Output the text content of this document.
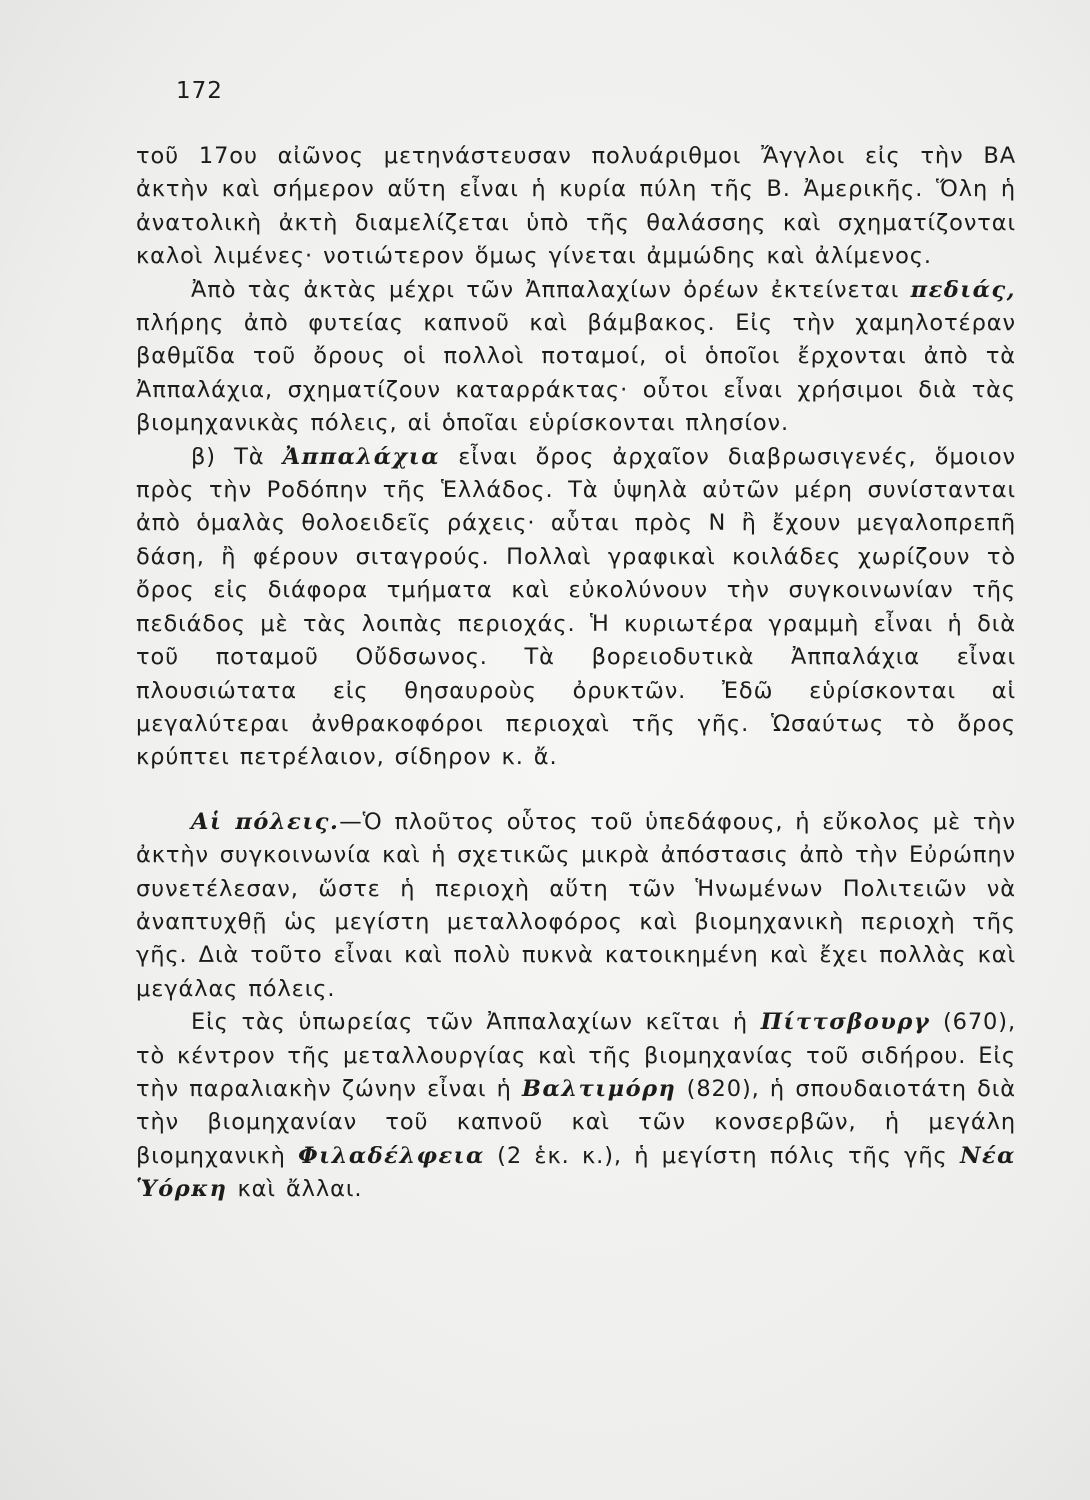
172

τοῦ 17ου αἰῶνος μετηνάστευσαν πολυάριθμοι Ἄγγλοι εἰς τὴν ΒΑ ἀκτὴν καὶ σήμερον αὕτη εἶναι ἡ κυρία πύλη τῆς Β. Ἀμερικῆς. Ὅλη ἡ ἀνατολικὴ ἀκτὴ διαμελίζεται ὑπὸ τῆς θαλάσσης καὶ σχηματίζονται καλοὶ λιμένες· νοτιώτερον ὅμως γίνεται ἀμμώδης καὶ ἀλίμενος.

Ἀπὸ τὰς ἀκτὰς μέχρι τῶν Ἀππαλαχίων ὀρέων ἐκτείνεται πεδιάς, πλήρης ἀπὸ φυτείας καπνοῦ καὶ βάμβακος. Εἰς τὴν χαμηλοτέραν βαθμῖδα τοῦ ὄρους οἱ πολλοὶ ποταμοί, οἱ ὁποῖοι ἔρχονται ἀπὸ τὰ Ἀππαλάχια, σχηματίζουν καταρράκτας· οὗτοι εἶναι χρήσιμοι διὰ τὰς βιομηχανικὰς πόλεις, αἱ ὁποῖαι εὑρίσκονται πλησίον.

β) Τὰ Ἀππαλάχια εἶναι ὄρος ἀρχαῖον διαβρωσιγενές, ὅμοιον πρὸς τὴν Ροδόπην τῆς Ἑλλάδος. Τὰ ὑψηλὰ αὐτῶν μέρη συνίστανται ἀπὸ ὁμαλὰς θολοειδεῖς ράχεις· αὗται πρὸς Ν ἢ ἔχουν μεγαλοπρεπῆ δάση, ἢ φέρουν σιταγρούς. Πολλαὶ γραφικαὶ κοιλάδες χωρίζουν τὸ ὄρος εἰς διάφορα τμήματα καὶ εὐκολύνουν τὴν συγκοινωνίαν τῆς πεδιάδος μὲ τὰς λοιπὰς περιοχάς. Ἡ κυριωτέρα γραμμὴ εἶναι ἡ διὰ τοῦ ποταμοῦ Οὔδσωνος. Τὰ βορειοδυτικὰ Ἀππαλάχια εἶναι πλουσιώτατα εἰς θησαυροὺς ὀρυκτῶν. Ἐδῶ εὑρίσκονται αἱ μεγαλύτεραι ἀνθρακοφόροι περιοχαὶ τῆς γῆς. Ὡσαύτως τὸ ὄρος κρύπτει πετρέλαιον, σίδηρον κ. ἄ.

Αἱ πόλεις.—Ὁ πλοῦτος οὗτος τοῦ ὑπεδάφους, ἡ εὔκολος μὲ τὴν ἀκτὴν συγκοινωνία καὶ ἡ σχετικῶς μικρὰ ἀπόστασις ἀπὸ τὴν Εὐρώπην συνετέλεσαν, ὥστε ἡ περιοχὴ αὕτη τῶν Ἡνωμένων Πολιτειῶν νὰ ἀναπτυχθῇ ὡς μεγίστη μεταλλοφόρος καὶ βιομηχανικὴ περιοχὴ τῆς γῆς. Διὰ τοῦτο εἶναι καὶ πολὺ πυκνὰ κατοικημένη καὶ ἔχει πολλὰς καὶ μεγάλας πόλεις.

Εἰς τὰς ὑπωρείας τῶν Ἀππαλαχίων κεῖται ἡ Πίττσβουργ (670), τὸ κέντρον τῆς μεταλλουργίας καὶ τῆς βιομηχανίας τοῦ σιδήρου. Εἰς τὴν παραλιακὴν ζώνην εἶναι ἡ Βαλτιμόρη (820), ἡ σπουδαιοτάτη διὰ τὴν βιομηχανίαν τοῦ καπνοῦ καὶ τῶν κονσερβῶν, ἡ μεγάλη βιομηχανικὴ Φιλαδέλφεια (2 ἑκ. κ.), ἡ μεγίστη πόλις τῆς γῆς Νέα Ὑόρκη καὶ ἄλλαι.
